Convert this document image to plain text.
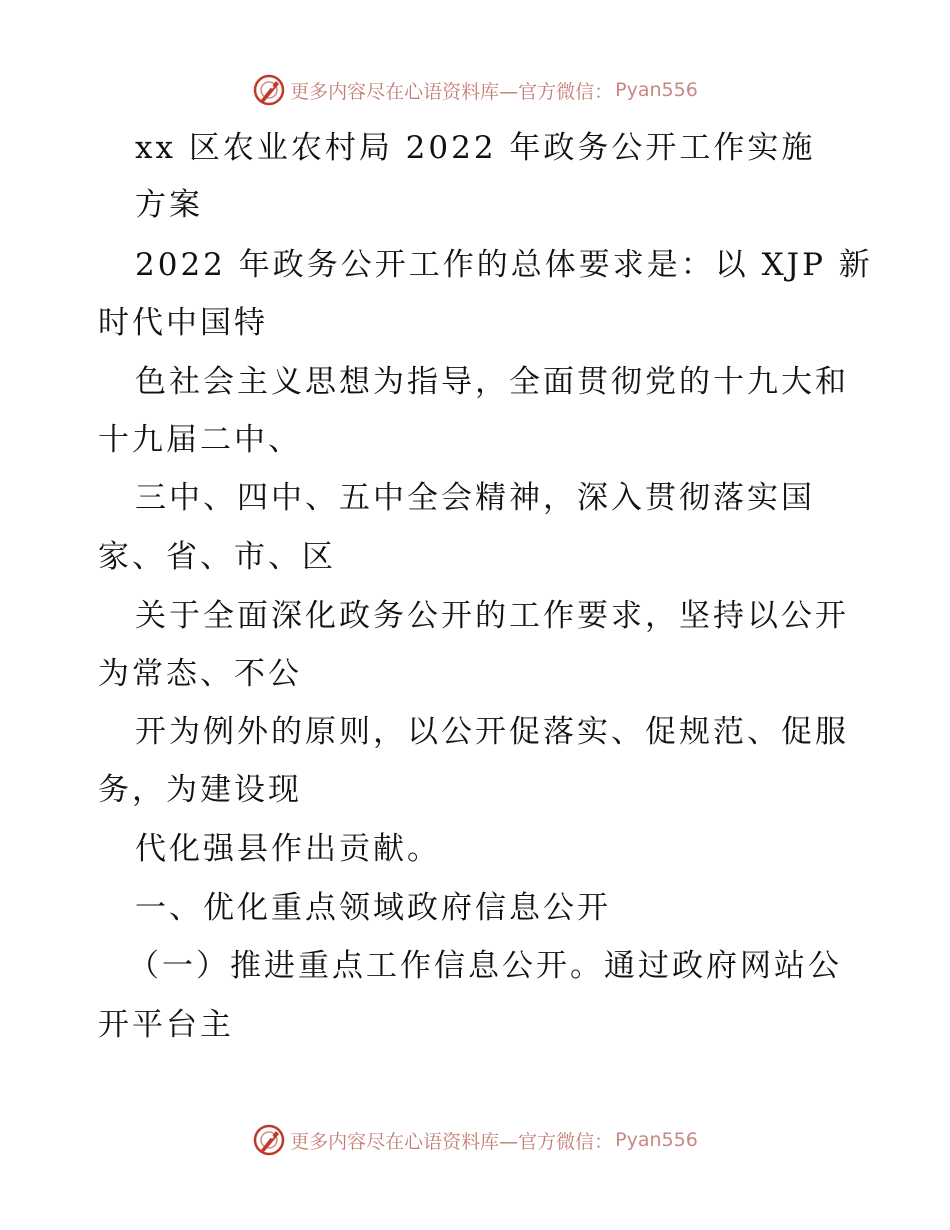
更多内容尽在心语资料库—官方微信： Pyan556
xx 区农业农村局 2022 年政务公开工作实施
方案
2022 年政务公开工作的总体要求是：以 XJP 新
时代中国特
色社会主义思想为指导，全面贯彻党的十九大和
十九届二中、
三中、四中、五中全会精神，深入贯彻落实国
家、省、市、区
关于全面深化政务公开的工作要求，坚持以公开
为常态、不公
开为例外的原则，以公开促落实、促规范、促服
务，为建设现
代化强县作出贡献。
一、优化重点领域政府信息公开
（一）推进重点工作信息公开。通过政府网站公
开平台主
更多内容尽在心语资料库—官方微信： Pyan556
